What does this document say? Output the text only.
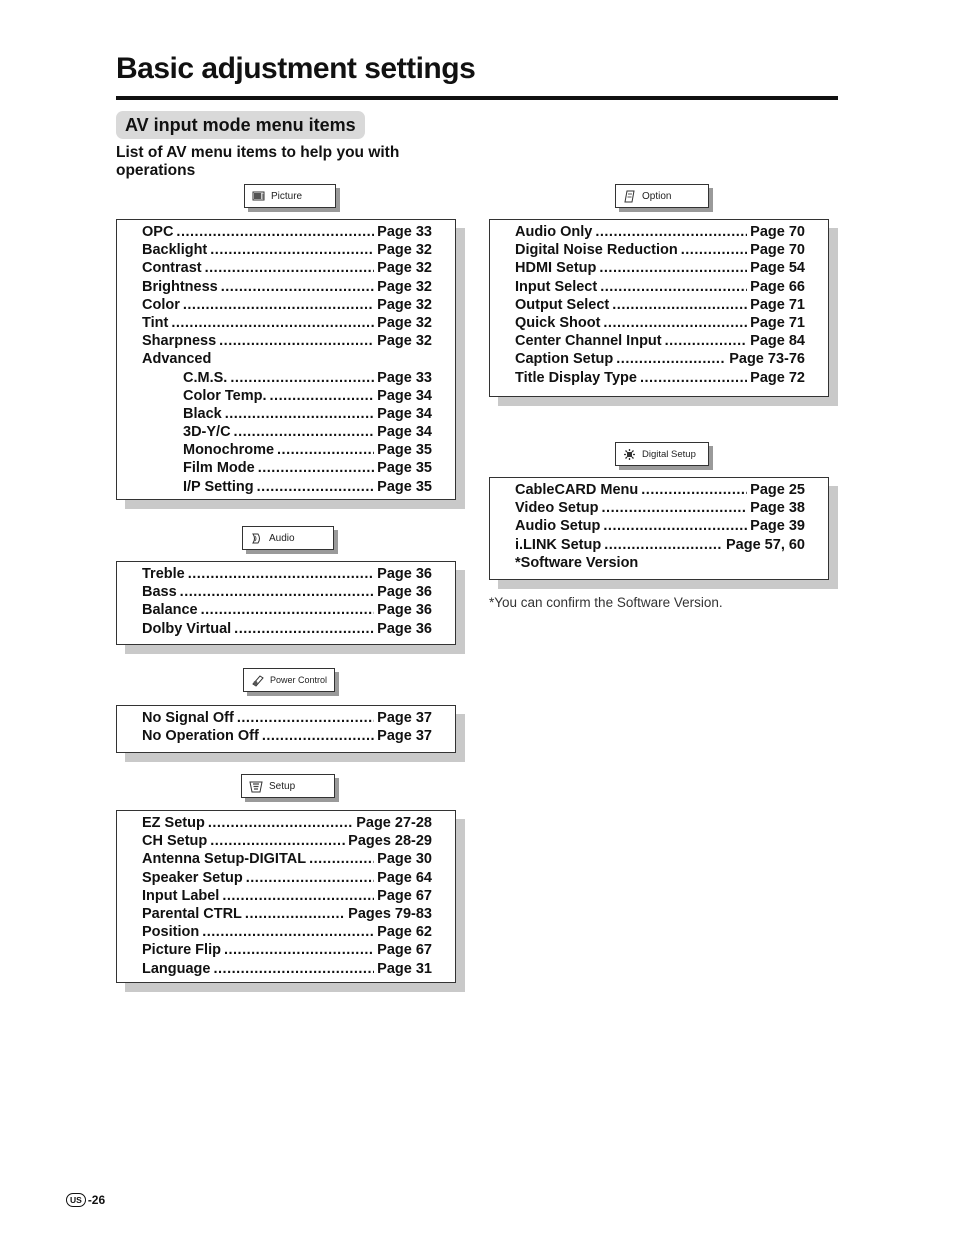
Basic adjustment settings
AV input mode menu items
List of AV menu items to help you with operations
Picture
OPC .....	Page 33
Backlight .....	Page 32
Contrast .....	Page 32
Brightness .....	Page 32
Color .....	Page 32
Tint .....	Page 32
Sharpness .....	Page 32
Advanced
C.M.S. .....	Page 33
Color Temp. .....	Page 34
Black .....	Page 34
3D-Y/C .....	Page 34
Monochrome .....	Page 35
Film Mode .....	Page 35
I/P Setting .....	Page 35
Audio
Treble .....	Page 36
Bass .....	Page 36
Balance .....	Page 36
Dolby Virtual .....	Page 36
Power Control
No Signal Off .....	Page 37
No Operation Off .....	Page 37
Setup
EZ Setup .....	Page 27-28
CH Setup .....	Pages 28-29
Antenna Setup-DIGITAL .....	Page 30
Speaker Setup .....	Page 64
Input Label .....	Page 67
Parental CTRL .....	Pages 79-83
Position .....	Page 62
Picture Flip .....	Page 67
Language .....	Page 31
Option
Audio Only .....	Page 70
Digital Noise Reduction .....	Page 70
HDMI Setup .....	Page 54
Input Select .....	Page 66
Output Select .....	Page 71
Quick Shoot .....	Page 71
Center Channel Input .....	Page 84
Caption Setup .....	Page 73-76
Title Display Type .....	Page 72
Digital Setup
CableCARD Menu .....	Page 25
Video Setup .....	Page 38
Audio Setup .....	Page 39
i.LINK Setup .....	Page 57, 60
*Software Version
*You can confirm the Software Version.
US -26
